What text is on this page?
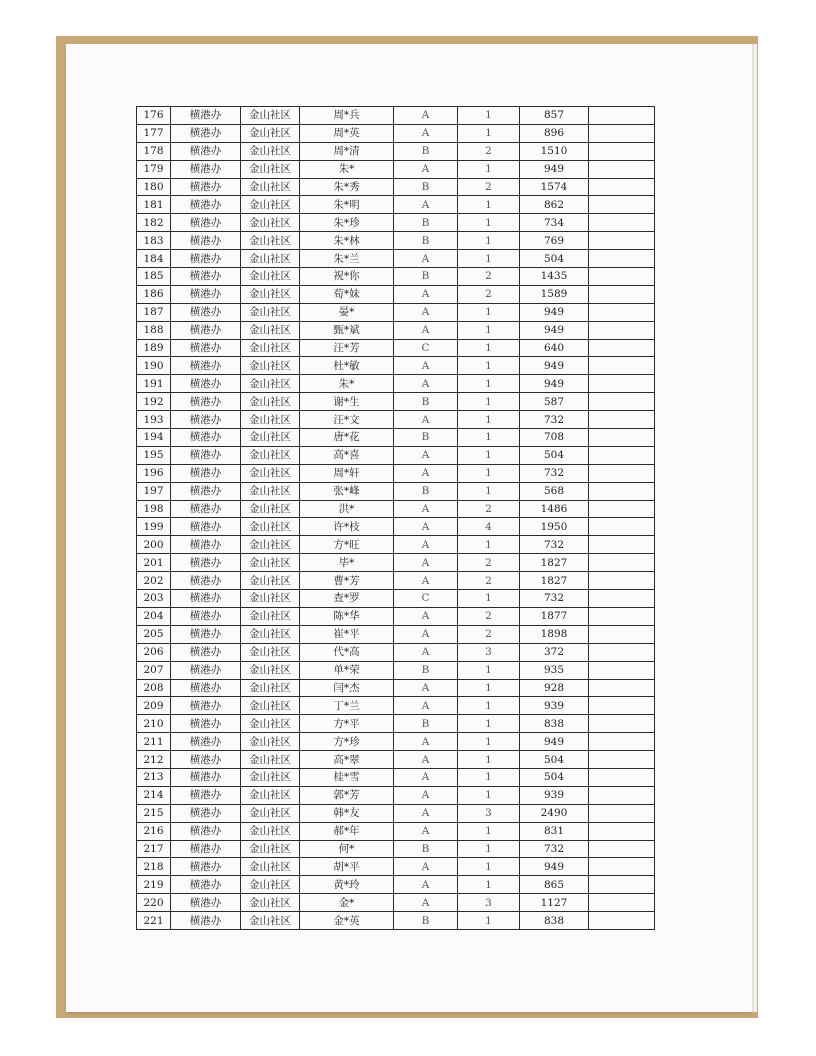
176	横港办	金山社区	周*兵	A	1	857	
177	横港办	金山社区	周*英	A	1	896	
178	横港办	金山社区	周*清	B	2	1510	
179	横港办	金山社区	朱*	A	1	949	
180	横港办	金山社区	朱*秀	B	2	1574	
181	横港办	金山社区	朱*明	A	1	862	
182	横港办	金山社区	朱*珍	B	1	734	
183	横港办	金山社区	朱*林	B	1	769	
184	横港办	金山社区	朱*兰	A	1	504	
185	横港办	金山社区	祝*你	B	2	1435	
186	横港办	金山社区	荀*妹	A	2	1589	
187	横港办	金山社区	晏*	A	1	949	
188	横港办	金山社区	甄*斌	A	1	949	
189	横港办	金山社区	汪*芳	C	1	640	
190	横港办	金山社区	杜*敏	A	1	949	
191	横港办	金山社区	朱*	A	1	949	
192	横港办	金山社区	谢*生	B	1	587	
193	横港办	金山社区	汪*文	A	1	732	
194	横港办	金山社区	唐*花	B	1	708	
195	横港办	金山社区	高*喜	A	1	504	
196	横港办	金山社区	周*轩	A	1	732	
197	横港办	金山社区	张*峰	B	1	568	
198	横港办	金山社区	洪*	A	2	1486	
199	横港办	金山社区	许*枝	A	4	1950	
200	横港办	金山社区	方*旺	A	1	732	
201	横港办	金山社区	毕*	A	2	1827	
202	横港办	金山社区	曹*芳	A	2	1827	
203	横港办	金山社区	查*罗	C	1	732	
204	横港办	金山社区	陈*华	A	2	1877	
205	横港办	金山社区	崔*平	A	2	1898	
206	横港办	金山社区	代*高	A	3	372	
207	横港办	金山社区	单*荣	B	1	935	
208	横港办	金山社区	闫*杰	A	1	928	
209	横港办	金山社区	丁*兰	A	1	939	
210	横港办	金山社区	方*平	B	1	838	
211	横港办	金山社区	方*珍	A	1	949	
212	横港办	金山社区	高*翠	A	1	504	
213	横港办	金山社区	桂*雪	A	1	504	
214	横港办	金山社区	郭*芳	A	1	939	
215	横港办	金山社区	韩*友	A	3	2490	
216	横港办	金山社区	郝*年	A	1	831	
217	横港办	金山社区	何*	B	1	732	
218	横港办	金山社区	胡*平	A	1	949	
219	横港办	金山社区	黄*玲	A	1	865	
220	横港办	金山社区	金*	A	3	1127	
221	横港办	金山社区	金*英	B	1	838	
